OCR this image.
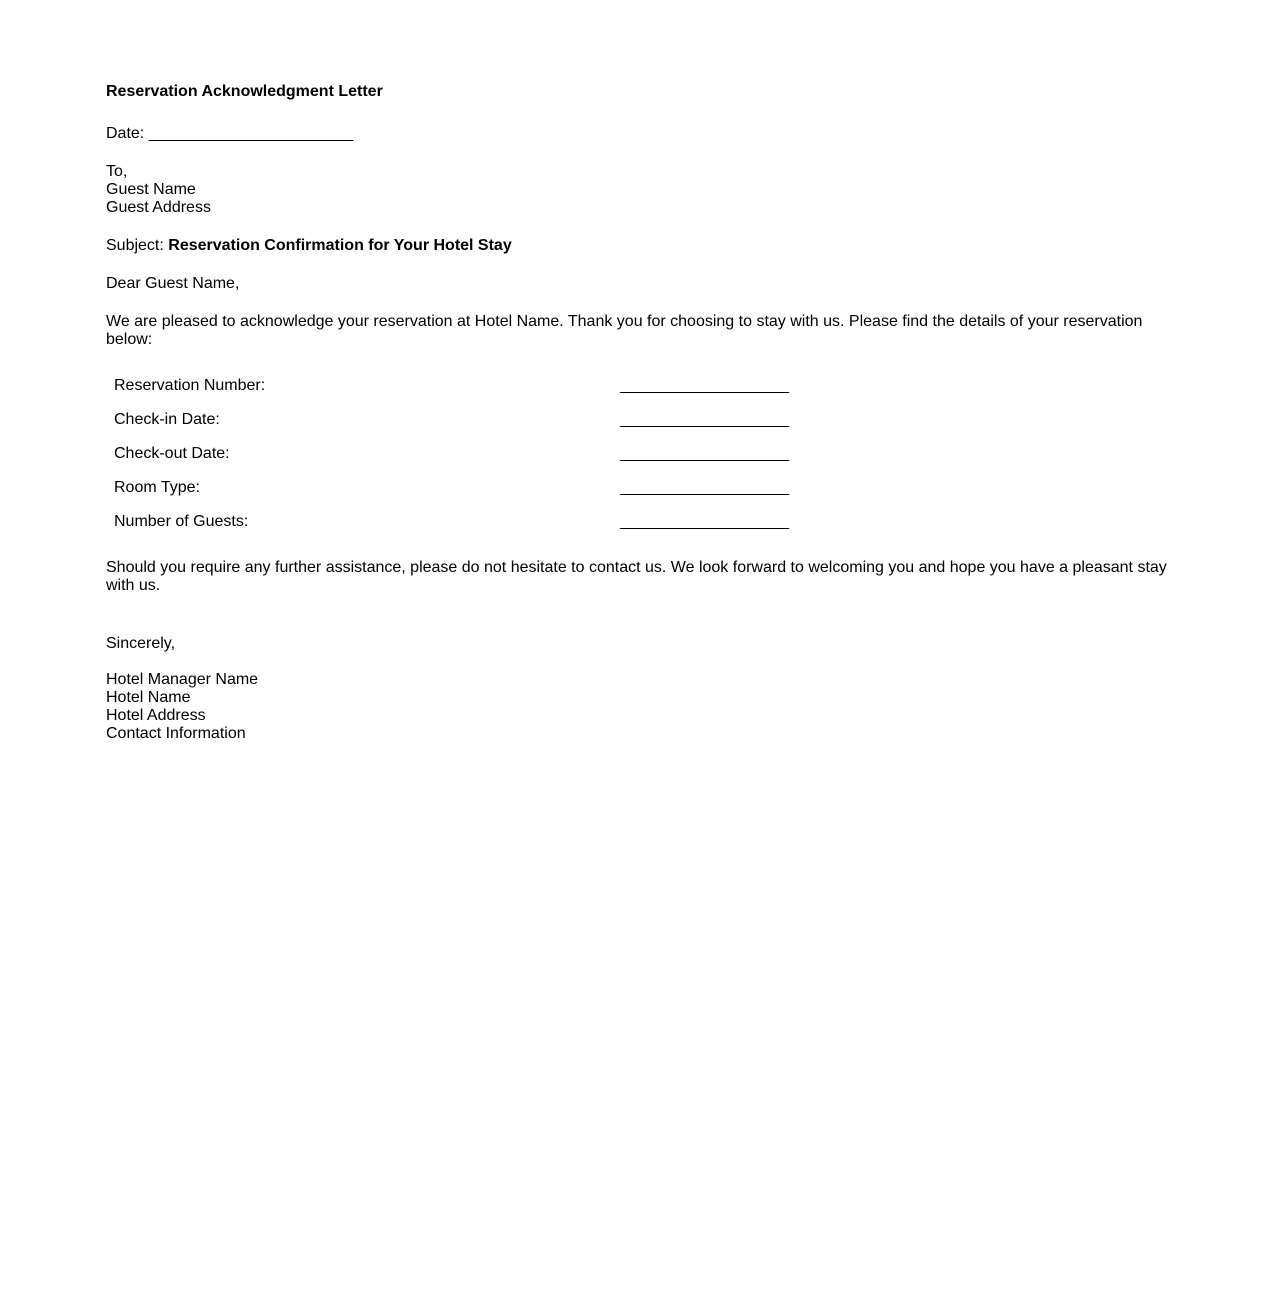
Reservation Acknowledgment Letter
Date: _______________________
To,
Guest Name
Guest Address
Subject: Reservation Confirmation for Your Hotel Stay
Dear Guest Name,
We are pleased to acknowledge your reservation at Hotel Name. Thank you for choosing to stay with us. Please find the details of your reservation below:
Reservation Number:	___________________
Check-in Date:	___________________
Check-out Date:	___________________
Room Type:	___________________
Number of Guests:	___________________
Should you require any further assistance, please do not hesitate to contact us. We look forward to welcoming you and hope you have a pleasant stay with us.
Sincerely,
Hotel Manager Name
Hotel Name
Hotel Address
Contact Information
